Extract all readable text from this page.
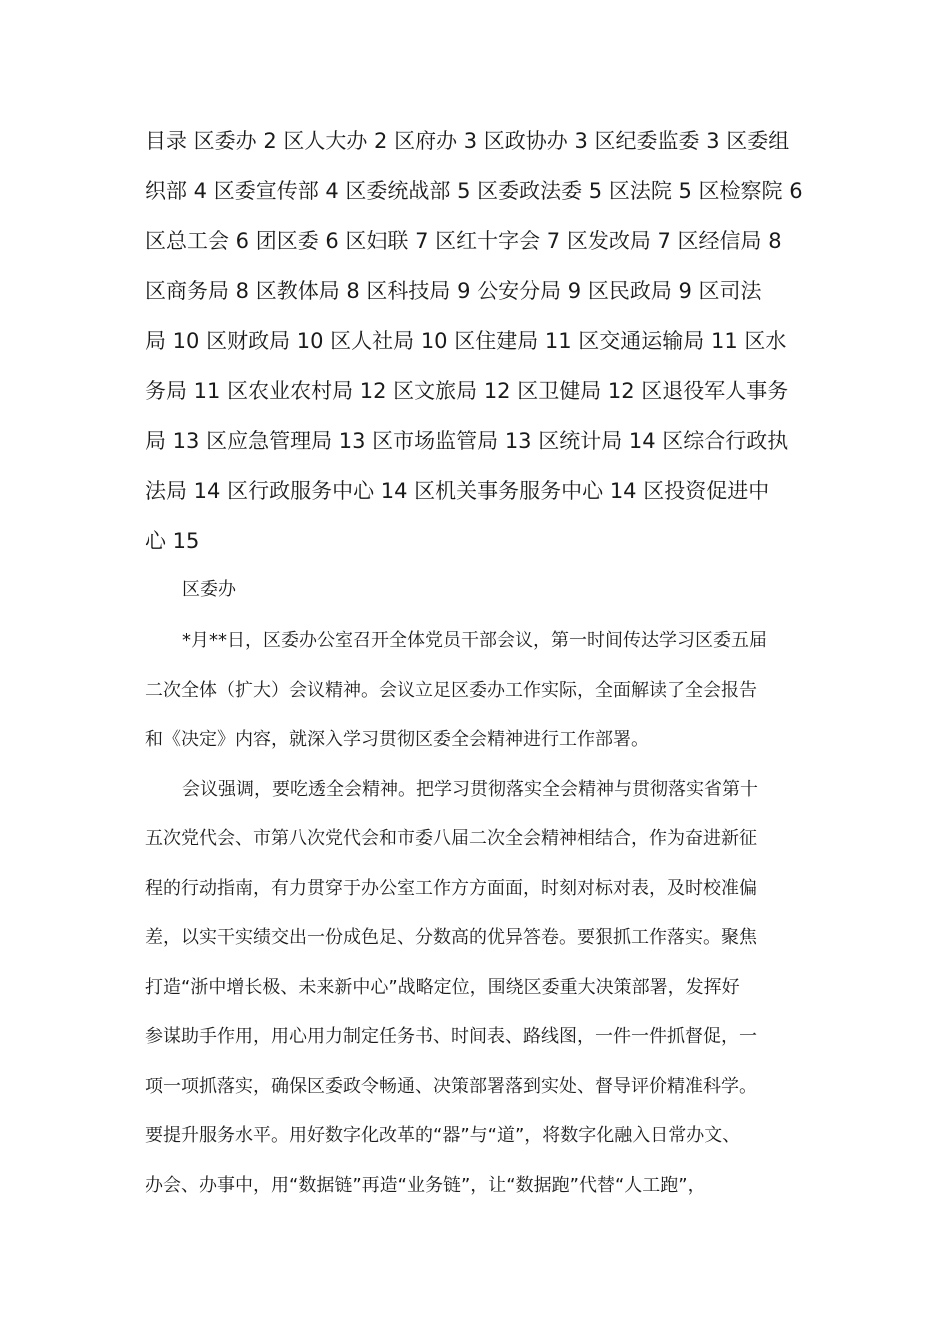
目录 区委办 2 区人大办 2 区府办 3 区政协办 3 区纪委监委 3 区委组
织部 4 区委宣传部 4 区委统战部 5 区委政法委 5 区法院 5 区检察院 6
区总工会 6 团区委 6 区妇联 7 区红十字会 7 区发改局 7 区经信局 8
区商务局 8 区教体局 8 区科技局 9 公安分局 9 区民政局 9 区司法
局 10 区财政局 10 区人社局 10 区住建局 11 区交通运输局 11 区水
务局 11 区农业农村局 12 区文旅局 12 区卫健局 12 区退役军人事务
局 13 区应急管理局 13 区市场监管局 13 区统计局 14 区综合行政执
法局 14 区行政服务中心 14 区机关事务服务中心 14 区投资促进中
心 15
区委办
*月**日，区委办公室召开全体党员干部会议，第一时间传达学习区委五届
二次全体（扩大）会议精神。会议立足区委办工作实际，全面解读了全会报告
和《决定》内容，就深入学习贯彻区委全会精神进行工作部署。
会议强调，要吃透全会精神。把学习贯彻落实全会精神与贯彻落实省第十
五次党代会、市第八次党代会和市委八届二次全会精神相结合，作为奋进新征
程的行动指南，有力贯穿于办公室工作方方面面，时刻对标对表，及时校准偏
差，以实干实绩交出一份成色足、分数高的优异答卷。要狠抓工作落实。聚焦
打造“浙中增长极、未来新中心”战略定位，围绕区委重大决策部署，发挥好
参谋助手作用，用心用力制定任务书、时间表、路线图，一件一件抓督促，一
项一项抓落实，确保区委政令畅通、决策部署落到实处、督导评价精准科学。
要提升服务水平。用好数字化改革的“器”与“道”，将数字化融入日常办文、
办会、办事中，用“数据链”再造“业务链”，让“数据跑”代替“人工跑”，
